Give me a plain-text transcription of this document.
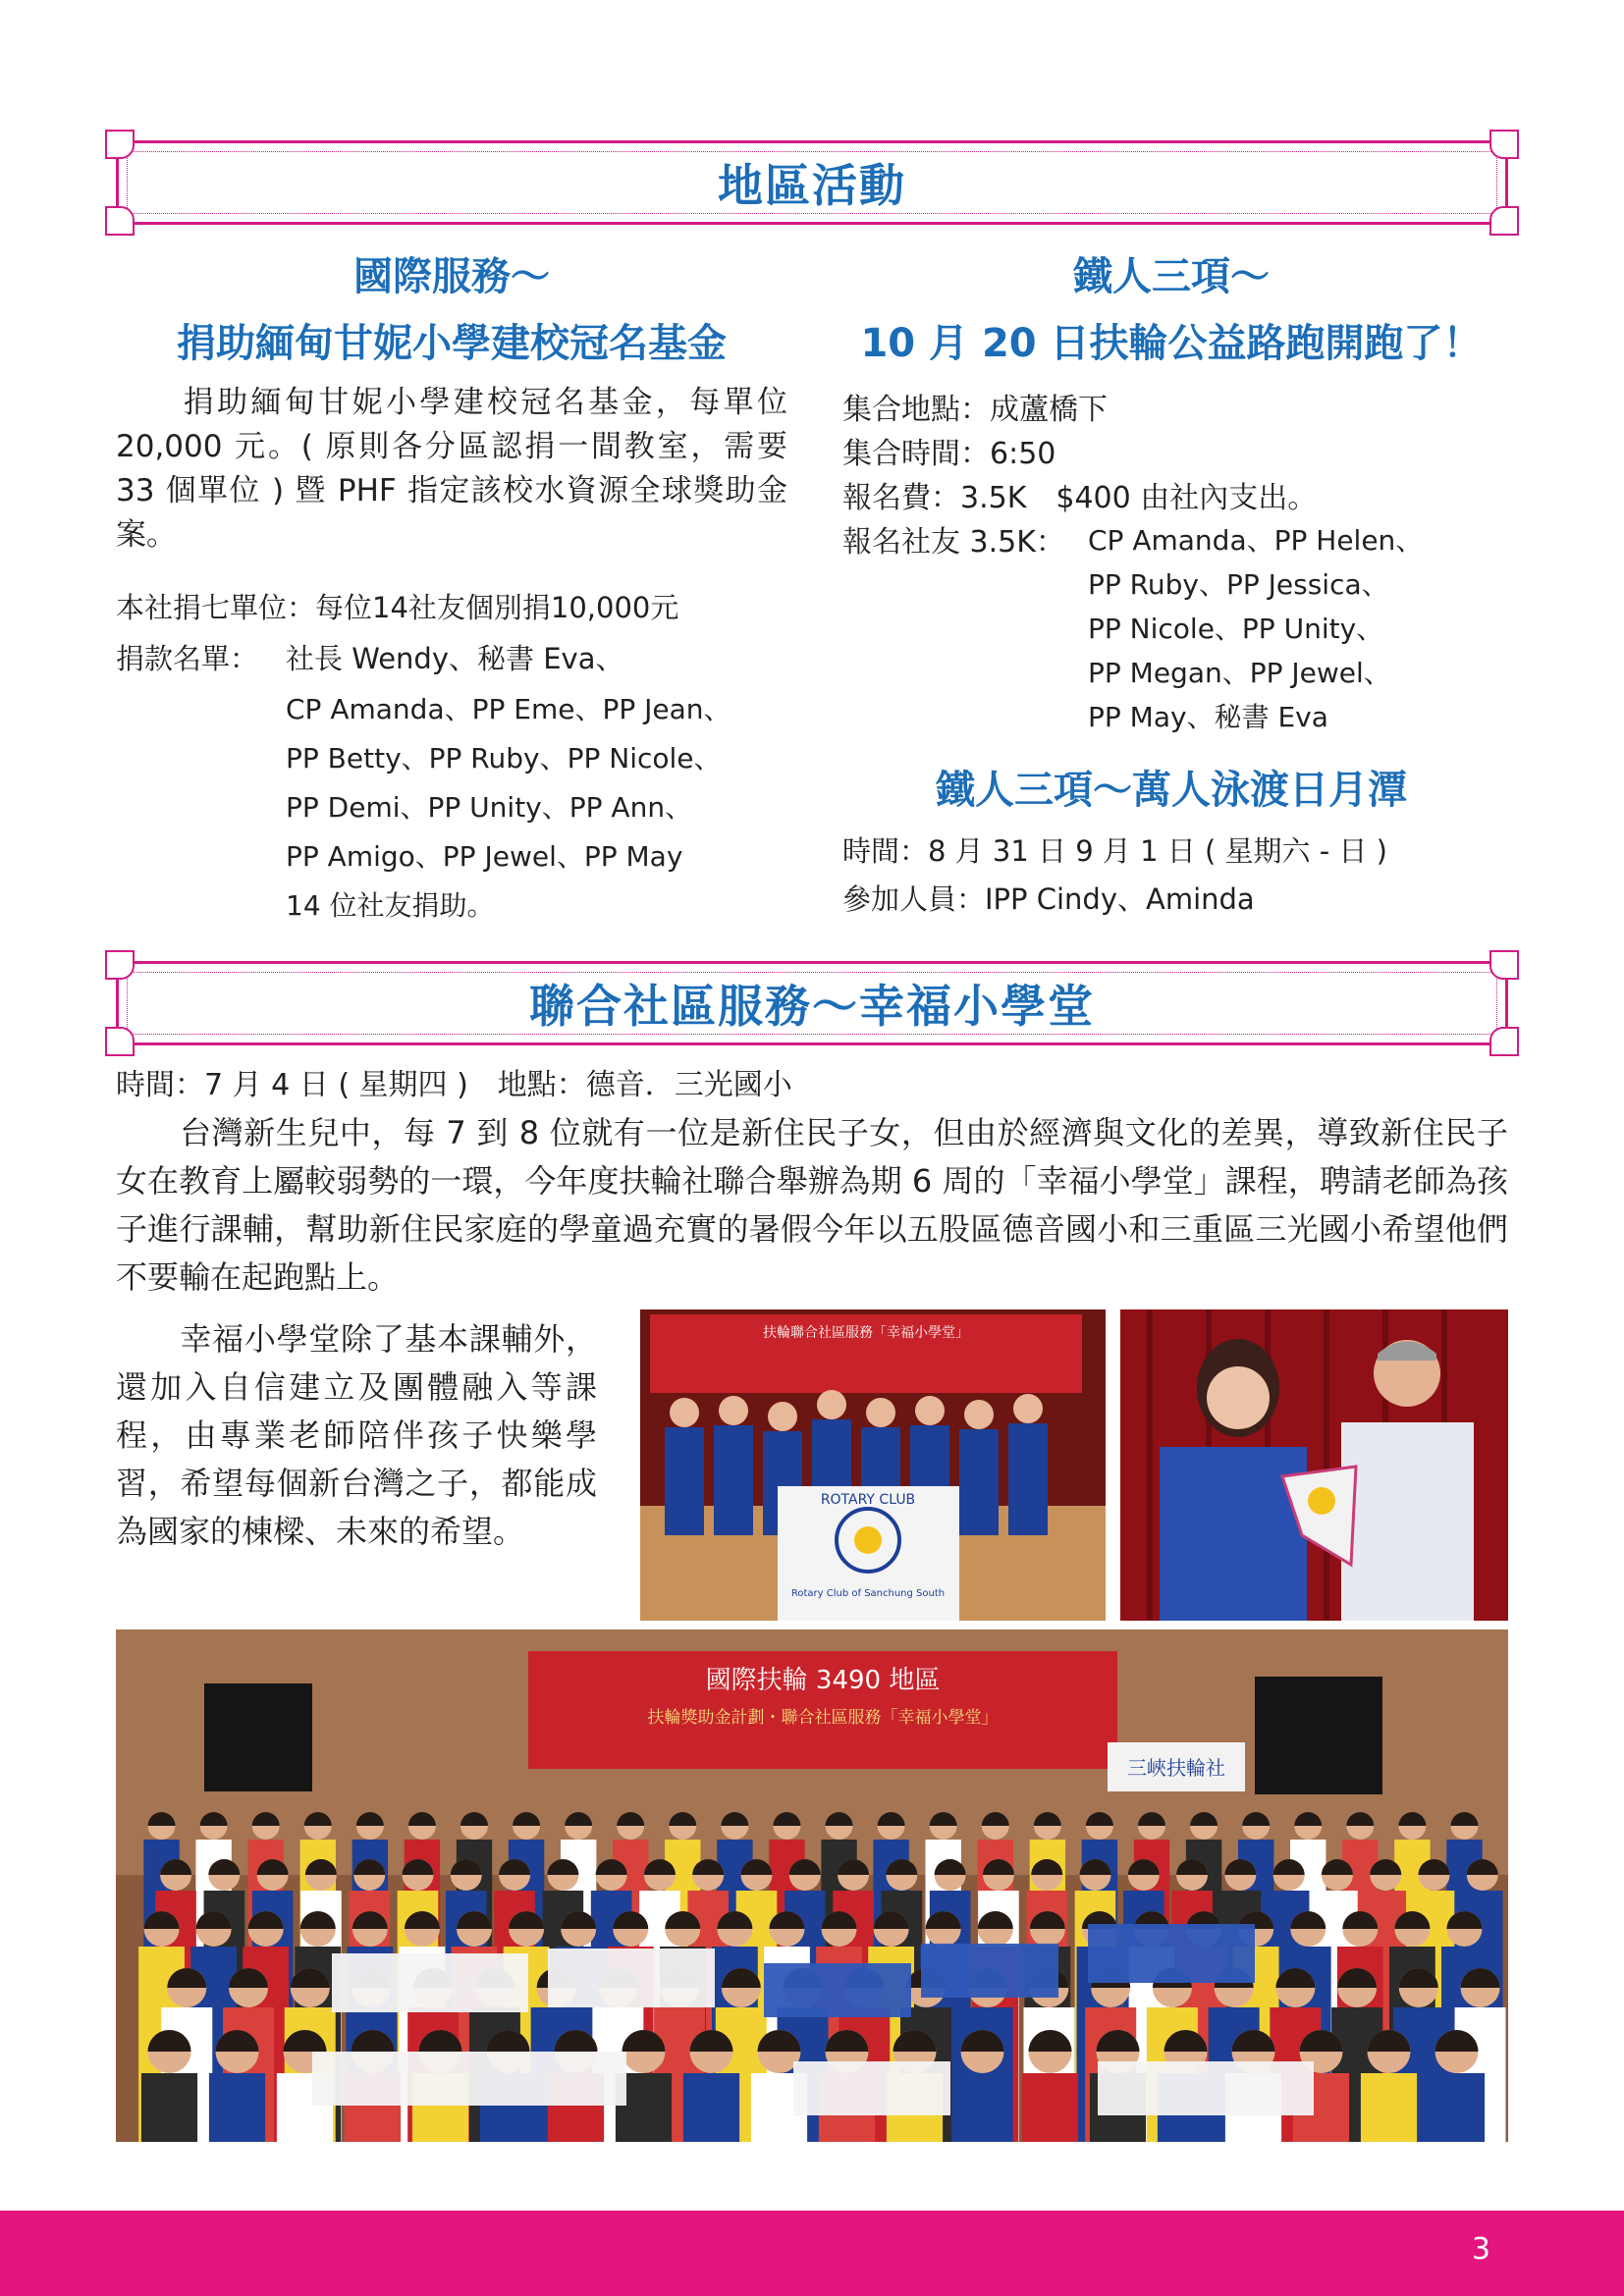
地區活動
國際服務～
捐助緬甸甘妮小學建校冠名基金
　　捐助緬甸甘妮小學建校冠名基金，每單位 20,000 元。( 原則各分區認捐一間教室，需要 33 個單位 ) 暨 PHF 指定該校水資源全球獎助金案。
本社捐七單位：每位14社友個別捐10,000元
捐款名單： 社長 Wendy、秘書 Eva、
CP Amanda、PP Eme、PP Jean、
PP Betty、PP Ruby、PP Nicole、
PP Demi、PP Unity、PP Ann、
PP Amigo、PP Jewel、PP May
14 位社友捐助。
鐵人三項～
10 月 20 日扶輪公益路跑開跑了！
集合地點：成蘆橋下
集合時間：6:50
報名費：3.5K　$400 由社內支出。
報名社友 3.5K： CP Amanda、PP Helen、
PP Ruby、PP Jessica、
PP Nicole、PP Unity、
PP Megan、PP Jewel、
PP May、秘書 Eva
鐵人三項～萬人泳渡日月潭
時間：8 月 31 日 9 月 1 日 ( 星期六 - 日 )
參加人員：IPP Cindy、Aminda
聯合社區服務～幸福小學堂
時間：7 月 4 日 ( 星期四 )　地點：德音．三光國小
　　台灣新生兒中，每 7 到 8 位就有一位是新住民子女，但由於經濟與文化的差異，導致新住民子女在教育上屬較弱勢的一環，今年度扶輪社聯合舉辦為期 6 周的「幸福小學堂」課程，聘請老師為孩子進行課輔，幫助新住民家庭的學童過充實的暑假今年以五股區德音國小和三重區三光國小希望他們不要輸在起跑點上。
　　幸福小學堂除了基本課輔外，還加入自信建立及團體融入等課程，由專業老師陪伴孩子快樂學習，希望每個新台灣之子，都能成為國家的棟樑、未來的希望。
扶輪聯合社區服務「幸福小學堂」
ROTARY CLUB
Rotary Club of Sanchung South
國際扶輪 3490 地區
扶輪獎助金計劃・聯合社區服務「幸福小學堂」
三峽扶輪社
3
